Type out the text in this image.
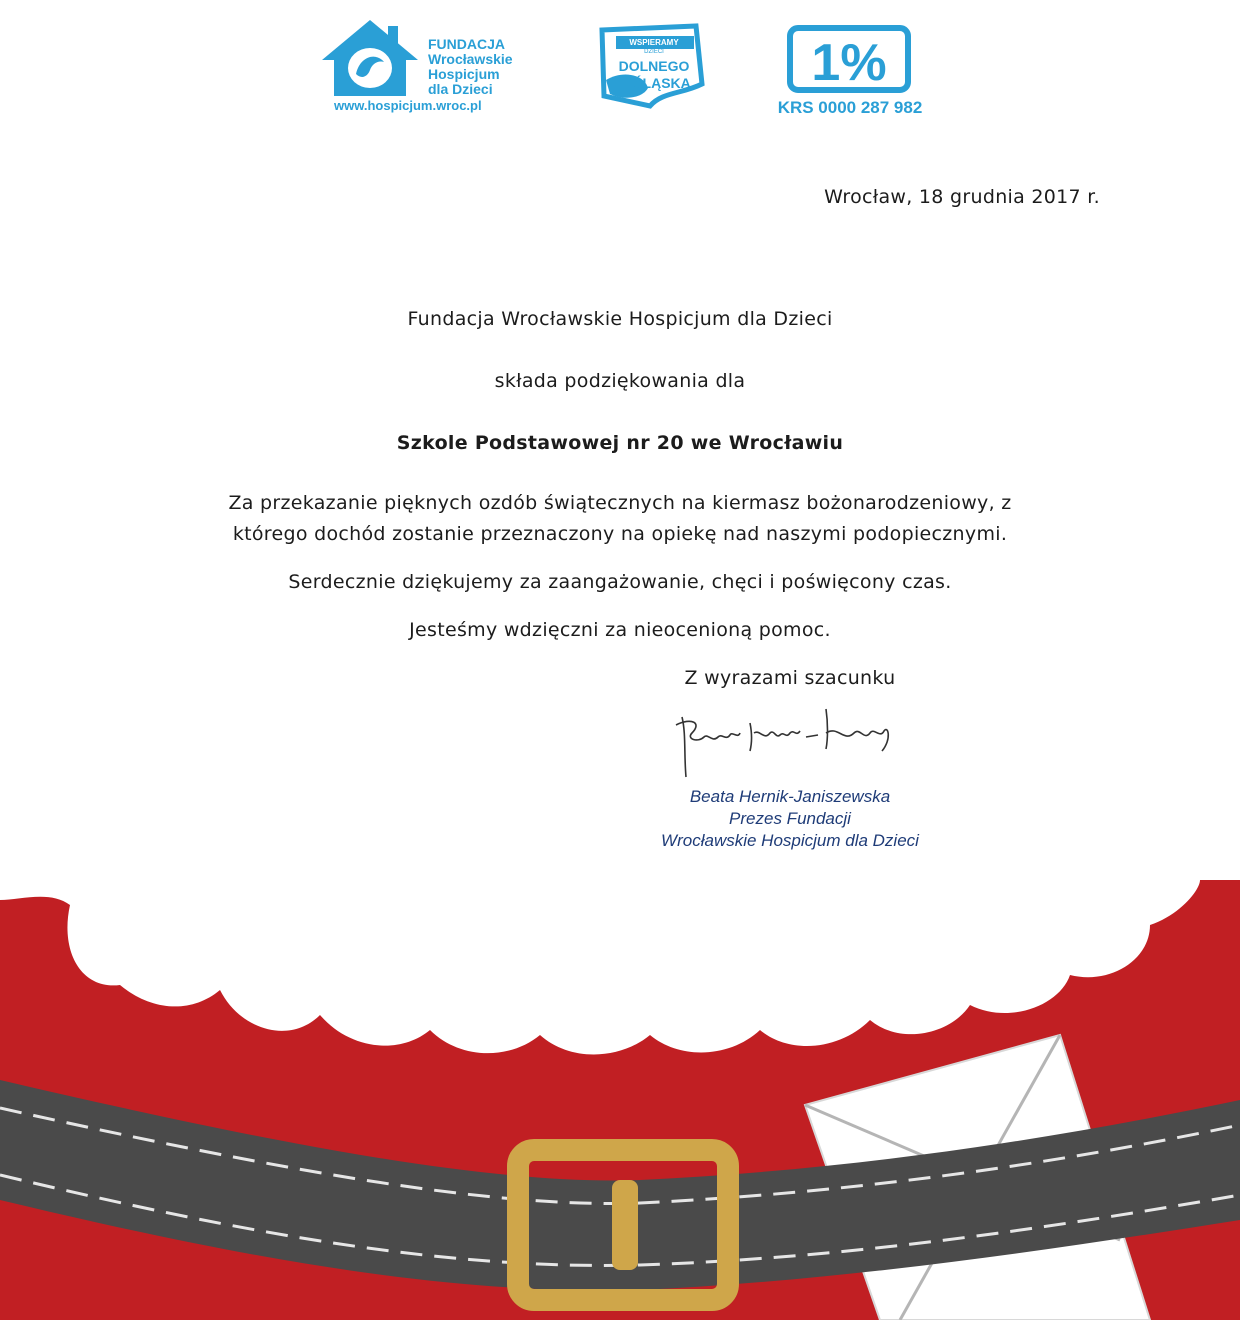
FUNDACJA
Wrocławskie
Hospicjum
dla Dzieci
www.hospicjum.wroc.pl
WSPIERAMY
DZIECI
DOLNEGO
ŚLĄSKA 1%
KRS 0000 287 982
Wrocław, 18 grudnia 2017 r.
Fundacja Wrocławskie Hospicjum dla Dzieci
składa podziękowania dla
Szkole Podstawowej nr 20 we Wrocławiu
Za przekazanie pięknych ozdób świątecznych na kiermasz bożonarodzeniowy, z
którego dochód zostanie przeznaczony na opiekę nad naszymi podopiecznymi.
Serdecznie dziękujemy za zaangażowanie, chęci i poświęcony czas.
Jesteśmy wdzięczni za nieocenioną pomoc.
Z wyrazami szacunku
Beata Hernik-Janiszewska
Prezes Fundacji
Wrocławskie Hospicjum dla Dzieci
